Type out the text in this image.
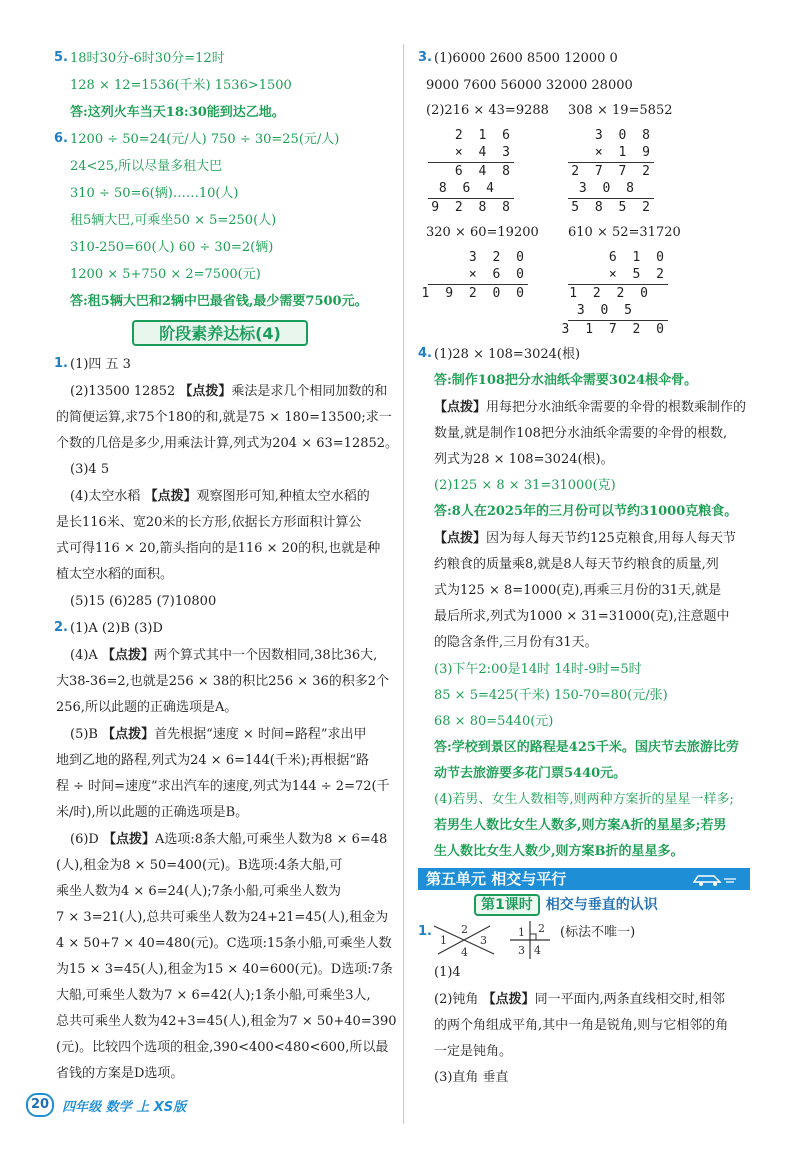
5. 18时30分-6时30分=12时
128 × 12=1536(千米) 1536>1500
答:这列火车当天18:30能到达乙地。
6. 1200 ÷ 50=24(元/人) 750 ÷ 30=25(元/人)
24<25,所以尽量多租大巴
310 ÷ 50=6(辆)……10(人)
租5辆大巴,可乘坐50 × 5=250(人)
310-250=60(人) 60 ÷ 30=2(辆)
1200 × 5+750 × 2=7500(元)
答:租5辆大巴和2辆中巴最省钱,最少需要7500元。
阶段素养达标(4)
1. (1)四 五 3
(2)13500 12852 【点拨】乘法是求几个相同加数的和
的简便运算,求75个180的和,就是75 × 180=13500;求一
个数的几倍是多少,用乘法计算,列式为204 × 63=12852。
(3)4 5
(4)太空水稻 【点拨】观察图形可知,种植太空水稻的
是长116米、宽20米的长方形,依据长方形面积计算公
式可得116 × 20,箭头指向的是116 × 20的积,也就是种
植太空水稻的面积。
(5)15 (6)285 (7)10800
2. (1)A (2)B (3)D
(4)A 【点拨】两个算式其中一个因数相同,38比36大,
大38-36=2,也就是256 × 38的积比256 × 36的积多2个
256,所以此题的正确选项是A。
(5)B 【点拨】首先根据“速度 × 时间=路程”求出甲
地到乙地的路程,列式为24 × 6=144(千米);再根据“路
程 ÷ 时间=速度”求出汽车的速度,列式为144 ÷ 2=72(千
米/时),所以此题的正确选项是B。
(6)D 【点拨】A选项:8条大船,可乘坐人数为8 × 6=48
(人),租金为8 × 50=400(元)。B选项:4条大船,可
乘坐人数为4 × 6=24(人);7条小船,可乘坐人数为
7 × 3=21(人),总共可乘坐人数为24+21=45(人),租金为
4 × 50+7 × 40=480(元)。C选项:15条小船,可乘坐人数
为15 × 3=45(人),租金为15 × 40=600(元)。D选项:7条
大船,可乘坐人数为7 × 6=42(人);1条小船,可乘坐3人,
总共可乘坐人数为42+3=45(人),租金为7 × 50+40=390
(元)。比较四个选项的租金,390<400<480<600,所以最
省钱的方案是D选项。
3. (1)6000 2600 8500 12000 0
9000 7600 56000 32000 28000
(2)216 × 43=9288 308 × 19=5852
2 1 6
× 4 3
6 4 8
8 6 4
9 2 8 8
3 0 8
× 1 9
2 7 7 2
3 0 8
5 8 5 2
320 × 60=19200 610 × 52=31720
3 2 0
× 6 0
1 9 2 0 0
6 1 0
× 5 2
1 2 2 0
3 0 5
3 1 7 2 0
4. (1)28 × 108=3024(根)
答:制作108把分水油纸伞需要3024根伞骨。
【点拨】用每把分水油纸伞需要的伞骨的根数乘制作的
数量,就是制作108把分水油纸伞需要的伞骨的根数,
列式为28 × 108=3024(根)。
(2)125 × 8 × 31=31000(克)
答:8人在2025年的三月份可以节约31000克粮食。
【点拨】因为每人每天节约125克粮食,用每人每天节
约粮食的质量乘8,就是8人每天节约粮食的质量,列
式为125 × 8=1000(克),再乘三月份的31天,就是
最后所求,列式为1000 × 31=31000(克),注意题中
的隐含条件,三月份有31天。
(3)下午2:00是14时 14时-9时=5时
85 × 5=425(千米) 150-70=80(元/张)
68 × 80=5440(元)
答:学校到景区的路程是425千米。国庆节去旅游比劳
动节去旅游要多花门票5440元。
(4)若男、女生人数相等,则两种方案折的星星一样多;
若男生人数比女生人数多,则方案A折的星星多;若男
生人数比女生人数少,则方案B折的星星多。
第五单元 相交与平行
第1课时 相交与垂直的认识
1.
1
2
3
4
1 2
3 4
(标法不唯一)
(1)4
(2)钝角 【点拨】同一平面内,两条直线相交时,相邻
的两个角组成平角,其中一角是锐角,则与它相邻的角
一定是钝角。
(3)直角 垂直
20 四年级 数学 上 XS版
